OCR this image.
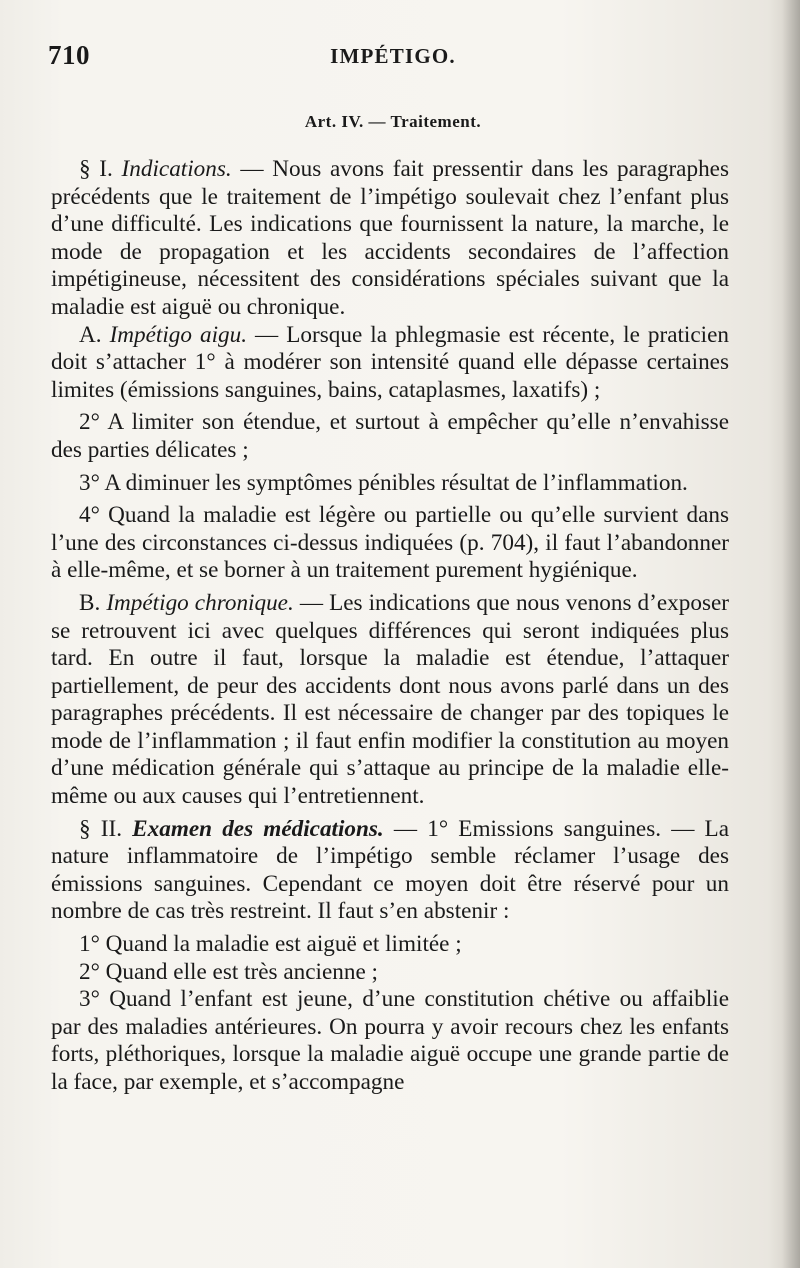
710	IMPÉTIGO.
Art. IV. — Traitement.

§ I. Indications. — Nous avons fait pressentir dans les paragraphes précédents que le traitement de l’impétigo soulevait chez l’enfant plus d’une difficulté. Les indications que fournissent la nature, la marche, le mode de propagation et les accidents secondaires de l’affection impétigineuse, nécessitent des considérations spéciales suivant que la maladie est aiguë ou chronique.

A. Impétigo aigu. — Lorsque la phlegmasie est récente, le praticien doit s’attacher 1° à modérer son intensité quand elle dépasse certaines limites (émissions sanguines, bains, cataplasmes, laxatifs) ;

2° A limiter son étendue, et surtout à empêcher qu’elle n’envahisse des parties délicates ;

3° A diminuer les symptômes pénibles résultat de l’inflammation.

4° Quand la maladie est légère ou partielle ou qu’elle survient dans l’une des circonstances ci-dessus indiquées (p. 704), il faut l’abandonner à elle-même, et se borner à un traitement purement hygiénique.

B. Impétigo chronique. — Les indications que nous venons d’exposer se retrouvent ici avec quelques différences qui seront indiquées plus tard. En outre il faut, lorsque la maladie est étendue, l’attaquer partiellement, de peur des accidents dont nous avons parlé dans un des paragraphes précédents. Il est nécessaire de changer par des topiques le mode de l’inflammation ; il faut enfin modifier la constitution au moyen d’une médication générale qui s’attaque au principe de la maladie elle-même ou aux causes qui l’entretiennent.

§ II. Examen des médications. — 1° Emissions sanguines. — La nature inflammatoire de l’impétigo semble réclamer l’usage des émissions sanguines. Cependant ce moyen doit être réservé pour un nombre de cas très restreint. Il faut s’en abstenir :

1° Quand la maladie est aiguë et limitée ;

2° Quand elle est très ancienne ;

3° Quand l’enfant est jeune, d’une constitution chétive ou affaiblie par des maladies antérieures. On pourra y avoir recours chez les enfants forts, pléthoriques, lorsque la maladie aiguë occupe une grande partie de la face, par exemple, et s’accompagne
